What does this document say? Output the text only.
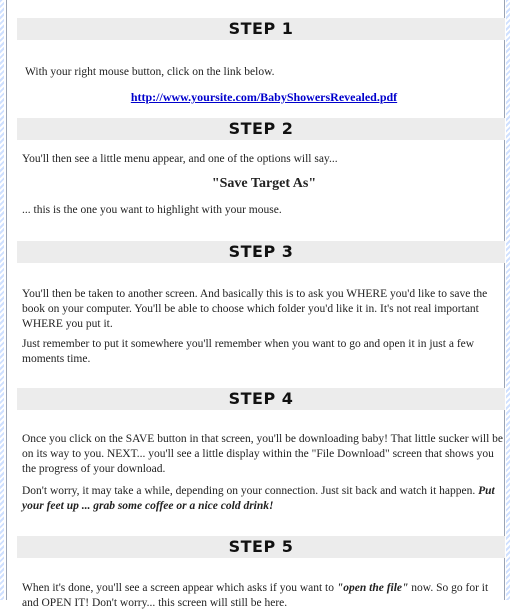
STEP 1

With your right mouse button, click on the link below.

http://www.yoursite.com/BabyShowersRevealed.pdf

STEP 2

You'll then see a little menu appear, and one of the options will say...

"Save Target As"

... this is the one you want to highlight with your mouse.

STEP 3

You'll then be taken to another screen. And basically this is to ask you WHERE you'd like to save the book on your computer. You'll be able to choose which folder you'd like it in. It's not real important WHERE you put it.

Just remember to put it somewhere you'll remember when you want to go and open it in just a few moments time.

STEP 4

Once you click on the SAVE button in that screen, you'll be downloading baby! That little sucker will be on its way to you. NEXT... you'll see a little display within the "File Download" screen that shows you the progress of your download.

Don't worry, it may take a while, depending on your connection. Just sit back and watch it happen. Put your feet up ... grab some coffee or a nice cold drink!

STEP 5

When it's done, you'll see a screen appear which asks if you want to "open the file" now. So go for it and OPEN IT! Don't worry... this screen will still be here.
